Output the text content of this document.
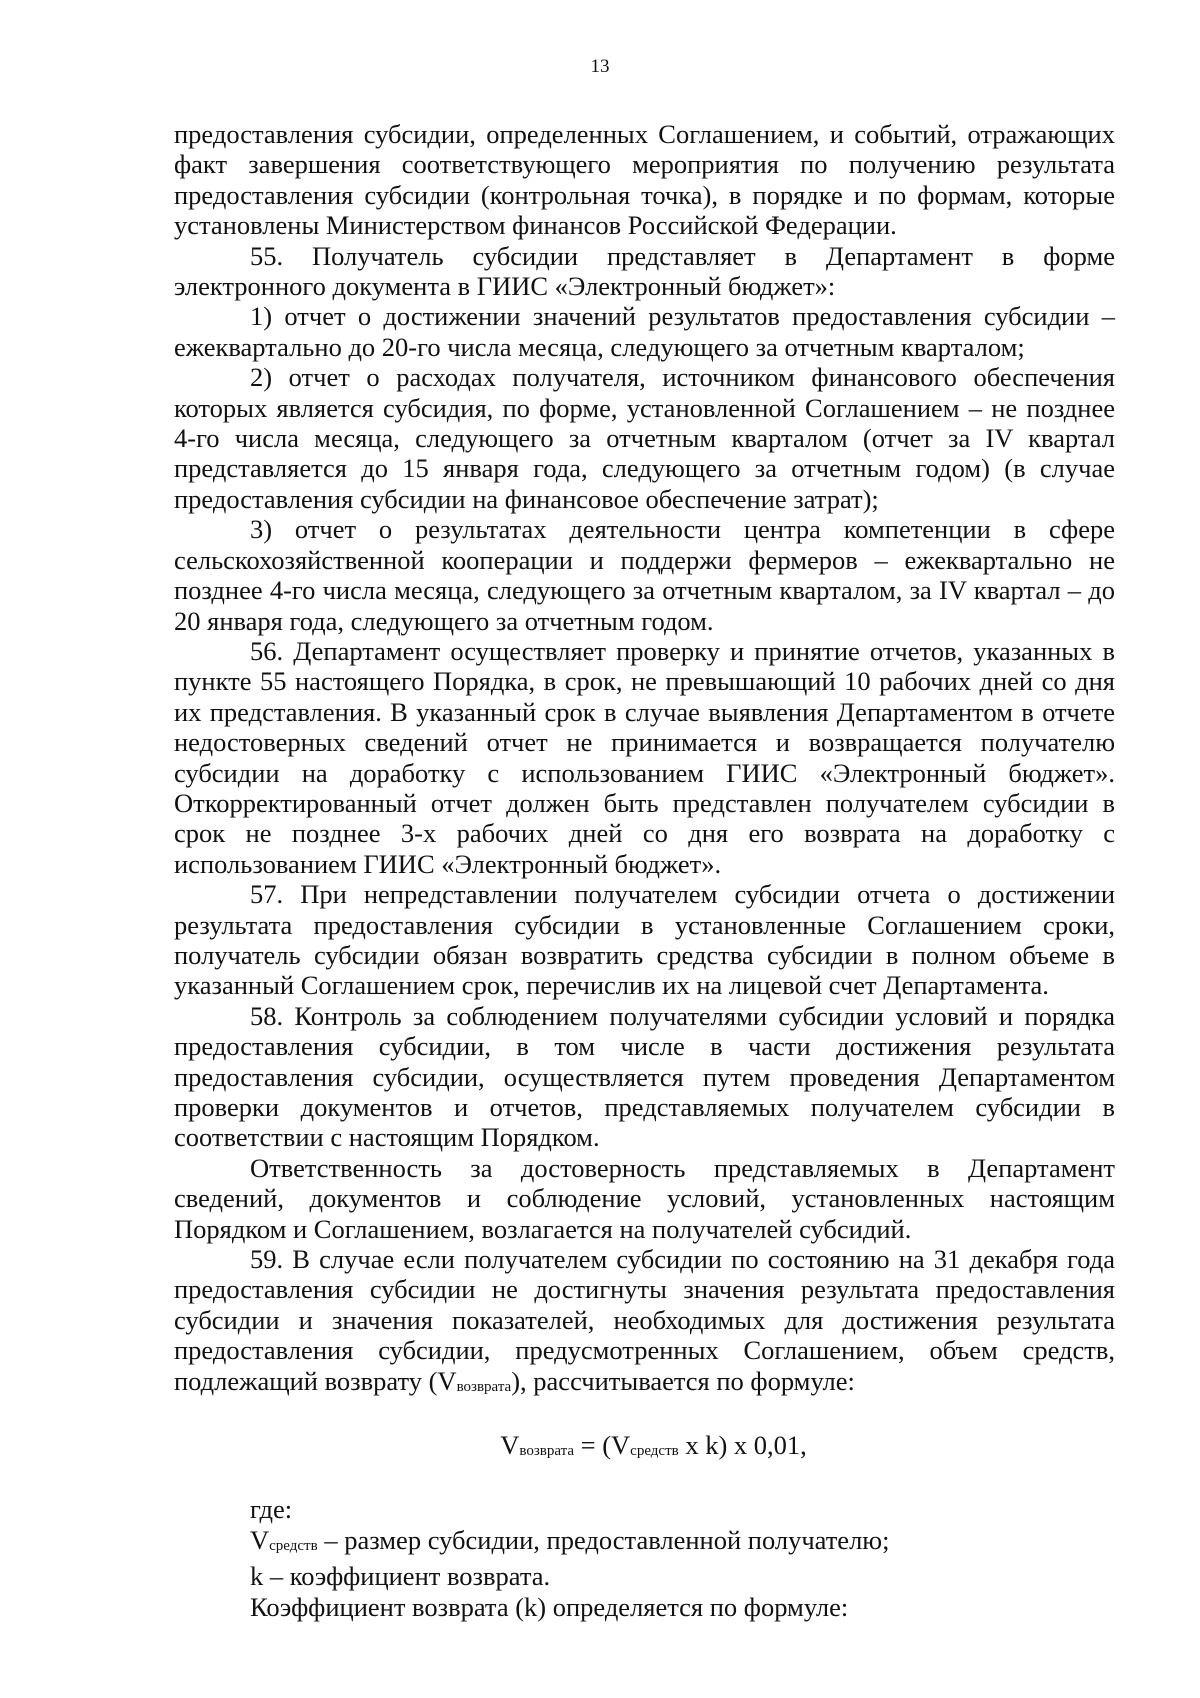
13

предоставления субсидии, определенных Соглашением, и событий, отражающих факт завершения соответствующего мероприятия по получению результата предоставления субсидии (контрольная точка), в порядке и по формам, которые установлены Министерством финансов Российской Федерации.

55. Получатель субсидии представляет в Департамент в форме электронного документа в ГИИС «Электронный бюджет»:

1) отчет о достижении значений результатов предоставления субсидии – ежеквартально до 20-го числа месяца, следующего за отчетным кварталом;

2) отчет о расходах получателя, источником финансового обеспечения которых является субсидия, по форме, установленной Соглашением – не позднее 4-го числа месяца, следующего за отчетным кварталом (отчет за IV квартал представляется до 15 января года, следующего за отчетным годом) (в случае предоставления субсидии на финансовое обеспечение затрат);

3) отчет о результатах деятельности центра компетенции в сфере сельскохозяйственной кооперации и поддержи фермеров – ежеквартально не позднее 4-го числа месяца, следующего за отчетным кварталом, за IV квартал – до 20 января года, следующего за отчетным годом.

56. Департамент осуществляет проверку и принятие отчетов, указанных в пункте 55 настоящего Порядка, в срок, не превышающий 10 рабочих дней со дня их представления. В указанный срок в случае выявления Департаментом в отчете недостоверных сведений отчет не принимается и возвращается получателю субсидии на доработку с использованием ГИИС «Электронный бюджет». Откорректированный отчет должен быть представлен получателем субсидии в срок не позднее 3-х рабочих дней со дня его возврата на доработку с использованием ГИИС «Электронный бюджет».

57. При непредставлении получателем субсидии отчета о достижении результата предоставления субсидии в установленные Соглашением сроки, получатель субсидии обязан возвратить средства субсидии в полном объеме в указанный Соглашением срок, перечислив их на лицевой счет Департамента.

58. Контроль за соблюдением получателями субсидии условий и порядка предоставления субсидии, в том числе в части достижения результата предоставления субсидии, осуществляется путем проведения Департаментом проверки документов и отчетов, представляемых получателем субсидии в соответствии с настоящим Порядком.

Ответственность за достоверность представляемых в Департамент сведений, документов и соблюдение условий, установленных настоящим Порядком и Соглашением, возлагается на получателей субсидий.

59. В случае если получателем субсидии по состоянию на 31 декабря года предоставления субсидии не достигнуты значения результата предоставления субсидии и значения показателей, необходимых для достижения результата предоставления субсидии, предусмотренных Соглашением, объем средств, подлежащий возврату (Vвозврата), рассчитывается по формуле:

Vвозврата = (Vсредств x k) x 0,01,

где:

Vсредств – размер субсидии, предоставленной получателю;

k – коэффициент возврата.

Коэффициент возврата (k) определяется по формуле:
